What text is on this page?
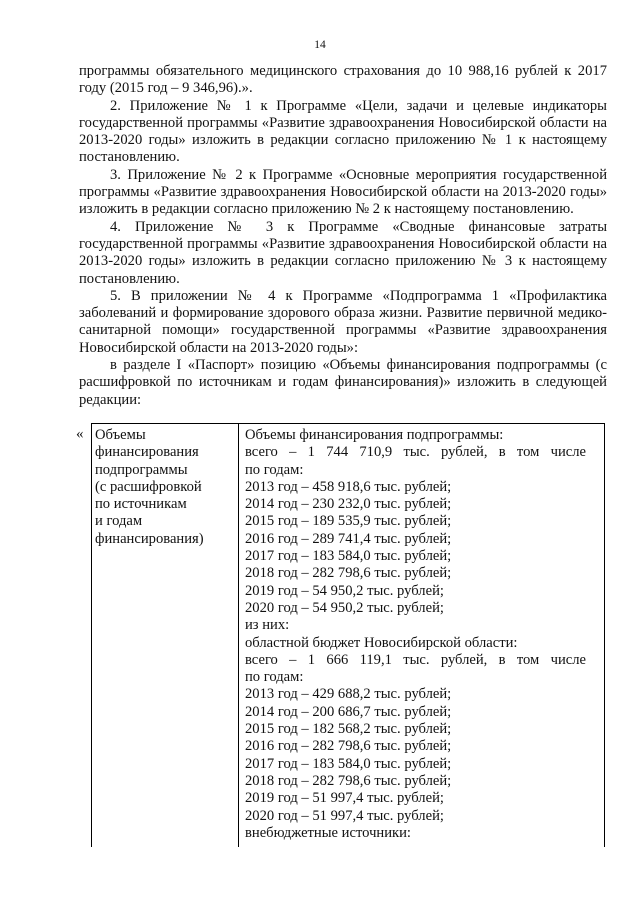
14

программы обязательного медицинского страхования до 10 988,16 рублей к 2017 году (2015 год – 9 346,96).».

2. Приложение № 1 к Программе «Цели, задачи и целевые индикаторы государственной программы «Развитие здравоохранения Новосибирской области на 2013-2020 годы» изложить в редакции согласно приложению № 1 к настоящему постановлению.

3. Приложение № 2 к Программе «Основные мероприятия государственной программы «Развитие здравоохранения Новосибирской области на 2013-2020 годы» изложить в редакции согласно приложению № 2 к настоящему постановлению.

4. Приложение № 3 к Программе «Сводные финансовые затраты государственной программы «Развитие здравоохранения Новосибирской области на 2013-2020 годы» изложить в редакции согласно приложению № 3 к настоящему постановлению.

5. В приложении № 4 к Программе «Подпрограмма 1 «Профилактика заболеваний и формирование здорового образа жизни. Развитие первичной медико-санитарной помощи» государственной программы «Развитие здравоохранения Новосибирской области на 2013-2020 годы»:

в разделе I «Паспорт» позицию «Объемы финансирования подпрограммы (с расшифровкой по источникам и годам финансирования)» изложить в следующей редакции:

« Объемы

финансирования

подпрограммы

(с расшифровкой

по источникам

и годам

финансирования)

Объемы финансирования подпрограммы:

всего – 1 744 710,9 тыс. рублей, в том числе

по годам:

2013 год – 458 918,6 тыс. рублей;

2014 год – 230 232,0 тыс. рублей;

2015 год – 189 535,9 тыс. рублей;

2016 год – 289 741,4 тыс. рублей;

2017 год – 183 584,0 тыс. рублей;

2018 год – 282 798,6 тыс. рублей;

2019 год – 54 950,2 тыс. рублей;

2020 год – 54 950,2 тыс. рублей;

из них:

областной бюджет Новосибирской области:

всего – 1 666 119,1 тыс. рублей, в том числе

по годам:

2013 год – 429 688,2 тыс. рублей;

2014 год – 200 686,7 тыс. рублей;

2015 год – 182 568,2 тыс. рублей;

2016 год – 282 798,6 тыс. рублей;

2017 год – 183 584,0 тыс. рублей;

2018 год – 282 798,6 тыс. рублей;

2019 год – 51 997,4 тыс. рублей;

2020 год – 51 997,4 тыс. рублей;

внебюджетные источники:
